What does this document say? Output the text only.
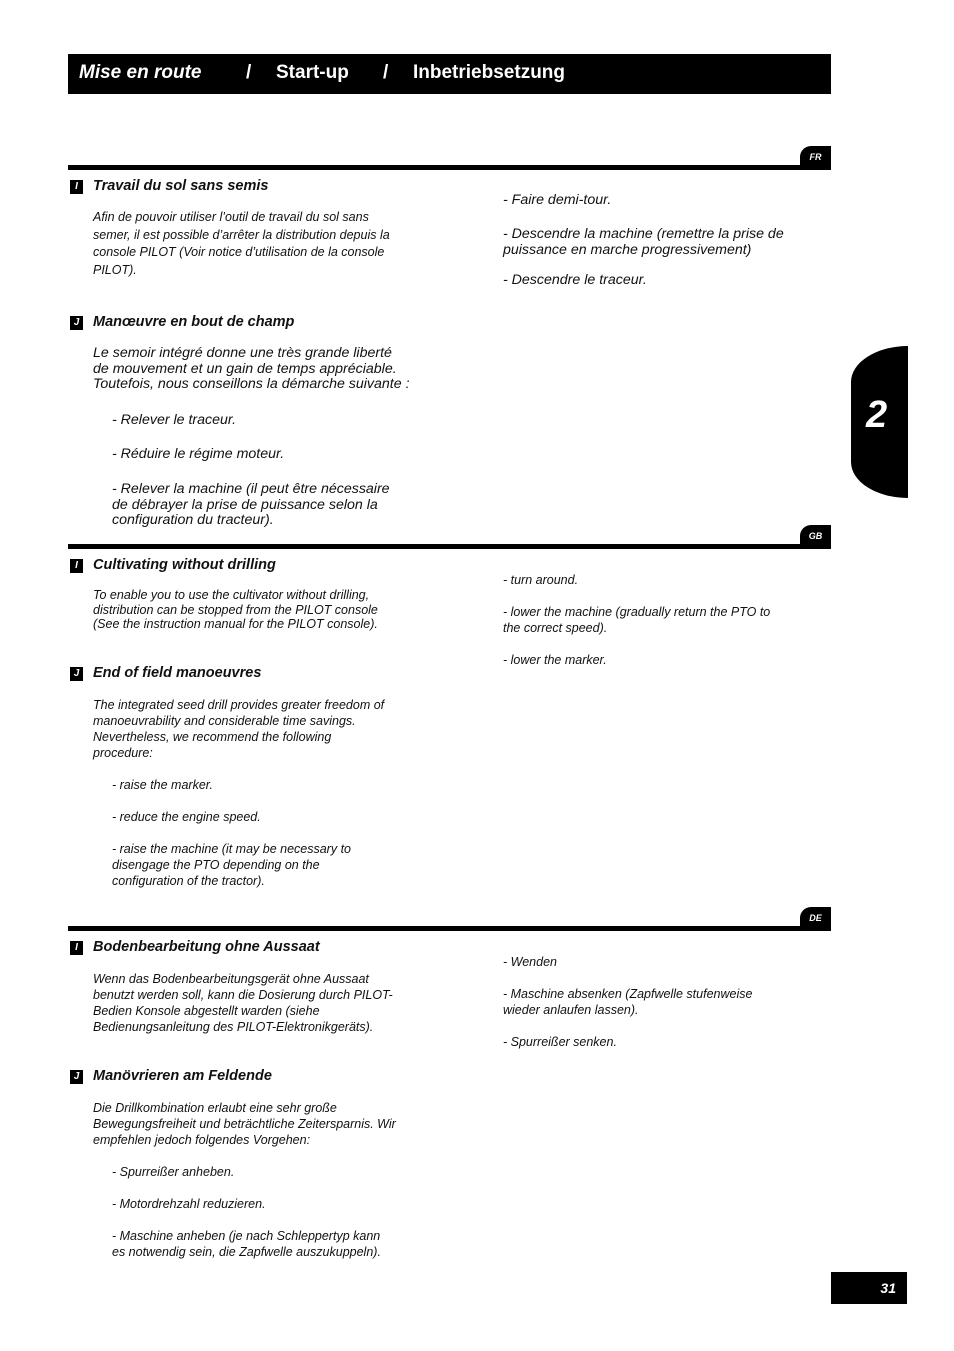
Mise en route / Start-up / Inbetriebsetzung
2
FR
I	Travail du sol sans semis
Afin de pouvoir utiliser l’outil de travail du sol sans
semer, il est possible d’arrêter la distribution depuis la
console PILOT (Voir notice d’utilisation de la console
PILOT).
J Manœuvre en bout de champ
Le semoir intégré donne une très grande liberté
de mouvement et un gain de temps appréciable.
Toutefois, nous conseillons la démarche suivante :
- Relever le traceur.
- Réduire le régime moteur.
- Relever la machine (il peut être nécessaire
de débrayer la prise de puissance selon la
configuration du tracteur).
- Faire demi-tour.
- Descendre la machine (remettre la prise de
puissance en marche progressivement)
- Descendre le traceur.
GB
I	Cultivating without drilling
To enable you to use the cultivator without drilling,
distribution can be stopped from the PILOT console
(See the instruction manual for the PILOT console).
J End of field manoeuvres
The integrated seed drill provides greater freedom of
manoeuvrability and considerable time savings.
Nevertheless, we recommend the following
procedure:
- raise the marker.
- reduce the engine speed.
- raise the machine (it may be necessary to
disengage the PTO depending on the
configuration of the tractor).
- turn around.
- lower the machine (gradually return the PTO to
the correct speed).
- lower the marker.
DE
I	Bodenbearbeitung ohne Aussaat
Wenn das Bodenbearbeitungsgerät ohne Aussaat
benutzt werden soll, kann die Dosierung durch PILOT-
Bedien Konsole abgestellt warden (siehe
Bedienungsanleitung des PILOT-Elektronikgeräts).
J Manövrieren am Feldende
Die Drillkombination erlaubt eine sehr große
Bewegungsfreiheit und beträchtliche Zeitersparnis. Wir
empfehlen jedoch folgendes Vorgehen:
- Spurreißer anheben.
- Motordrehzahl reduzieren.
- Maschine anheben (je nach Schleppertyp kann
es notwendig sein, die Zapfwelle auszukuppeln).
- Wenden
- Maschine absenken (Zapfwelle stufenweise
wieder anlaufen lassen).
- Spurreißer senken.
31
